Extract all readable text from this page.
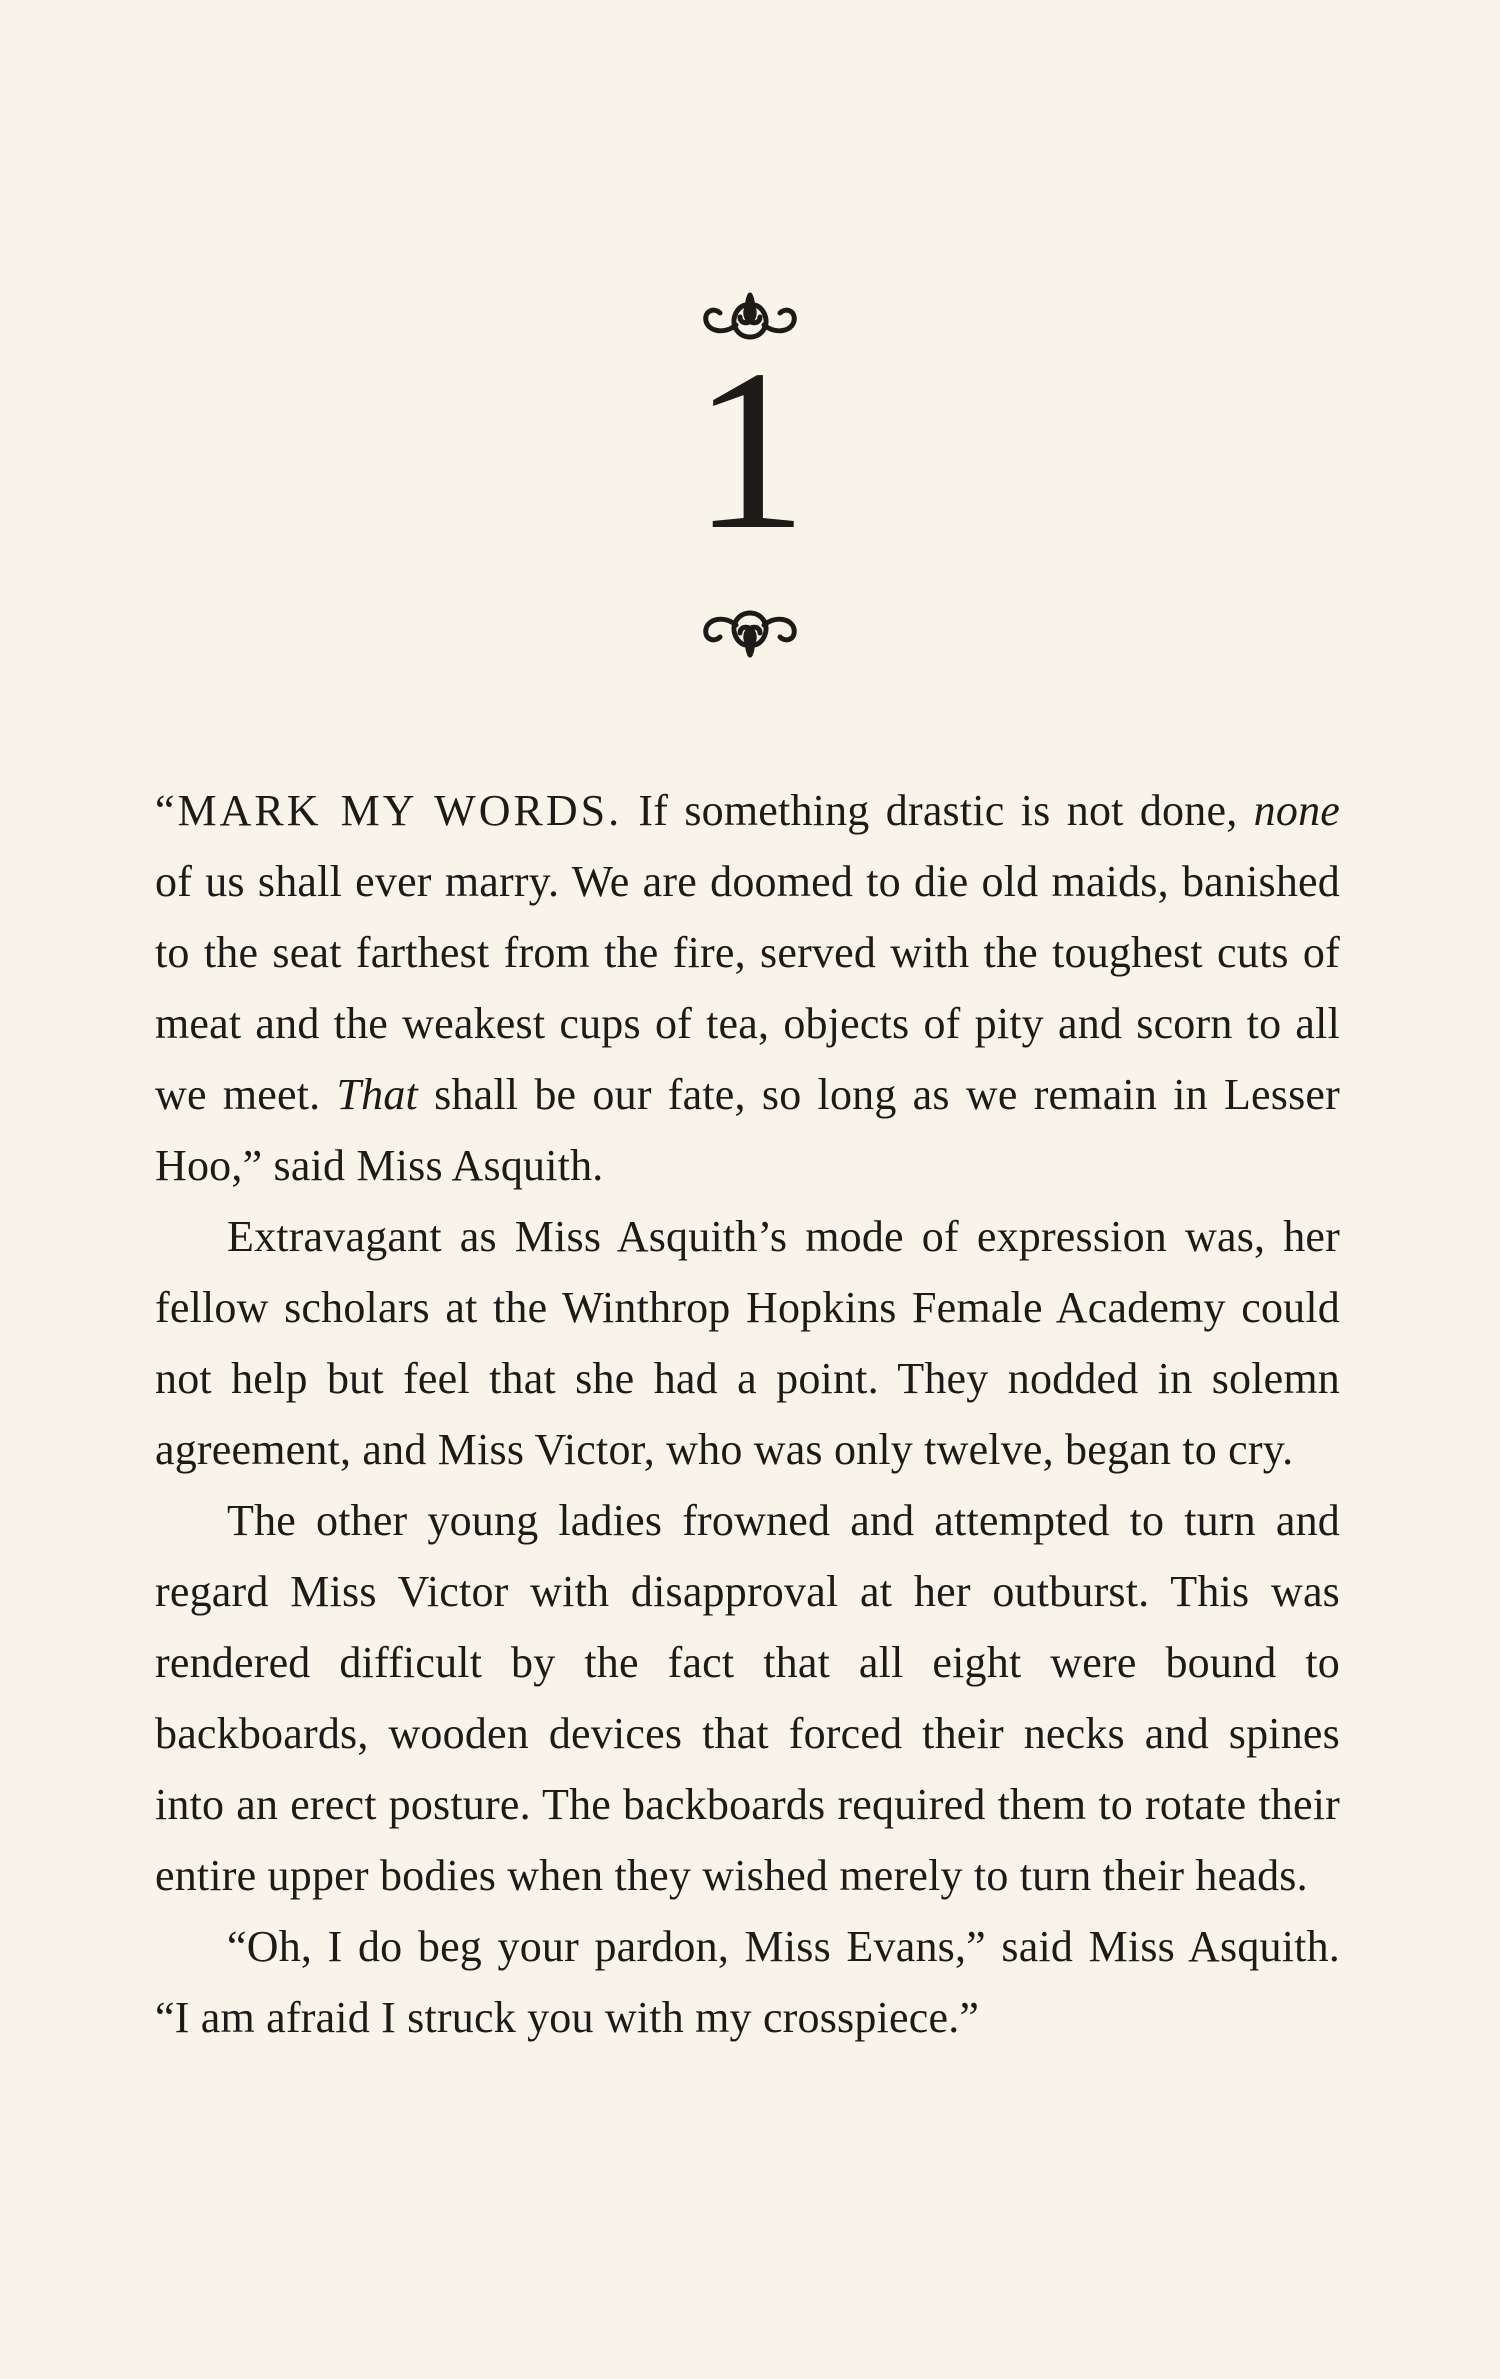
1

“MARK MY WORDS. If something drastic is not done, none of us shall ever marry. We are doomed to die old maids, banished to the seat farthest from the fire, served with the toughest cuts of meat and the weakest cups of tea, objects of pity and scorn to all we meet. That shall be our fate, so long as we remain in Lesser Hoo,” said Miss Asquith.

Extravagant as Miss Asquith’s mode of expression was, her fellow scholars at the Winthrop Hopkins Female Academy could not help but feel that she had a point. They nodded in solemn agreement, and Miss Victor, who was only twelve, began to cry.

The other young ladies frowned and attempted to turn and regard Miss Victor with disapproval at her outburst. This was rendered difficult by the fact that all eight were bound to backboards, wooden devices that forced their necks and spines into an erect posture. The backboards required them to rotate their entire upper bodies when they wished merely to turn their heads.

“Oh, I do beg your pardon, Miss Evans,” said Miss Asquith. “I am afraid I struck you with my crosspiece.”
